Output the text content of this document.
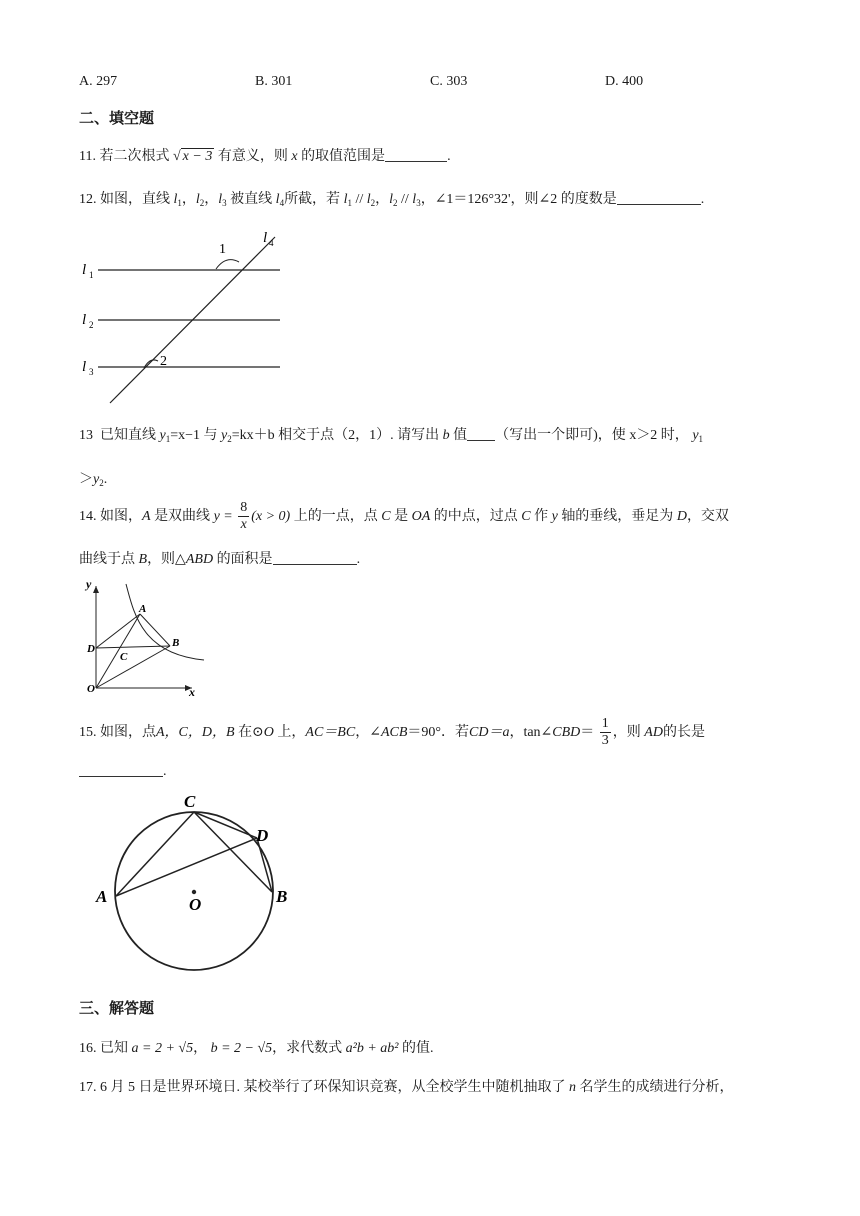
A. 297	B. 301	C. 303	D. 400
二、填空题
11. 若二次根式 √ x − 3 有意义，则 x 的取值范围是	.
12. 如图，直线 $l_1$，$l_2$，$l_3$ 被直线 $l_4$所截，若 $l_1 // l_2$，$l_2 // l_3$，∠1＝126°32'，则∠2 的度数是	.
1
2
l 1
l 2
l 3
l 4
13 已知直线 $y_1=x-1$ 与 $y_2=kx+b$ 相交于点（2，1）. 请写出 b 值 （写出一个即可)，使 x＞2 时， $y_1$
$>y_2$.
14. 如图，A 是双曲线 $y = \frac{8}{x} (x > 0)$ 上的一点，点 C 是 OA 的中点，过点 C 作 y 轴的垂线，垂足为 D，交双
曲线于点 B，则△ABD 的面积是	.
y
x
A
B
C
D
O
15. 如图，点A，C，D，B 在⊙O 上，AC＝BC，∠ACB＝90°．若CD＝a，tan∠CBD＝ $\frac{1}{3}$ ，则 AD的长是
.
C
D
A	B
O
三、解答题
16. 已知 a = 2 + √5， b = 2 − √5，求代数式 a²b + ab² 的值.
17. 6 月 5 日是世界环境日. 某校举行了环保知识竞赛，从全校学生中随机抽取了 n 名学生的成绩进行分析，
